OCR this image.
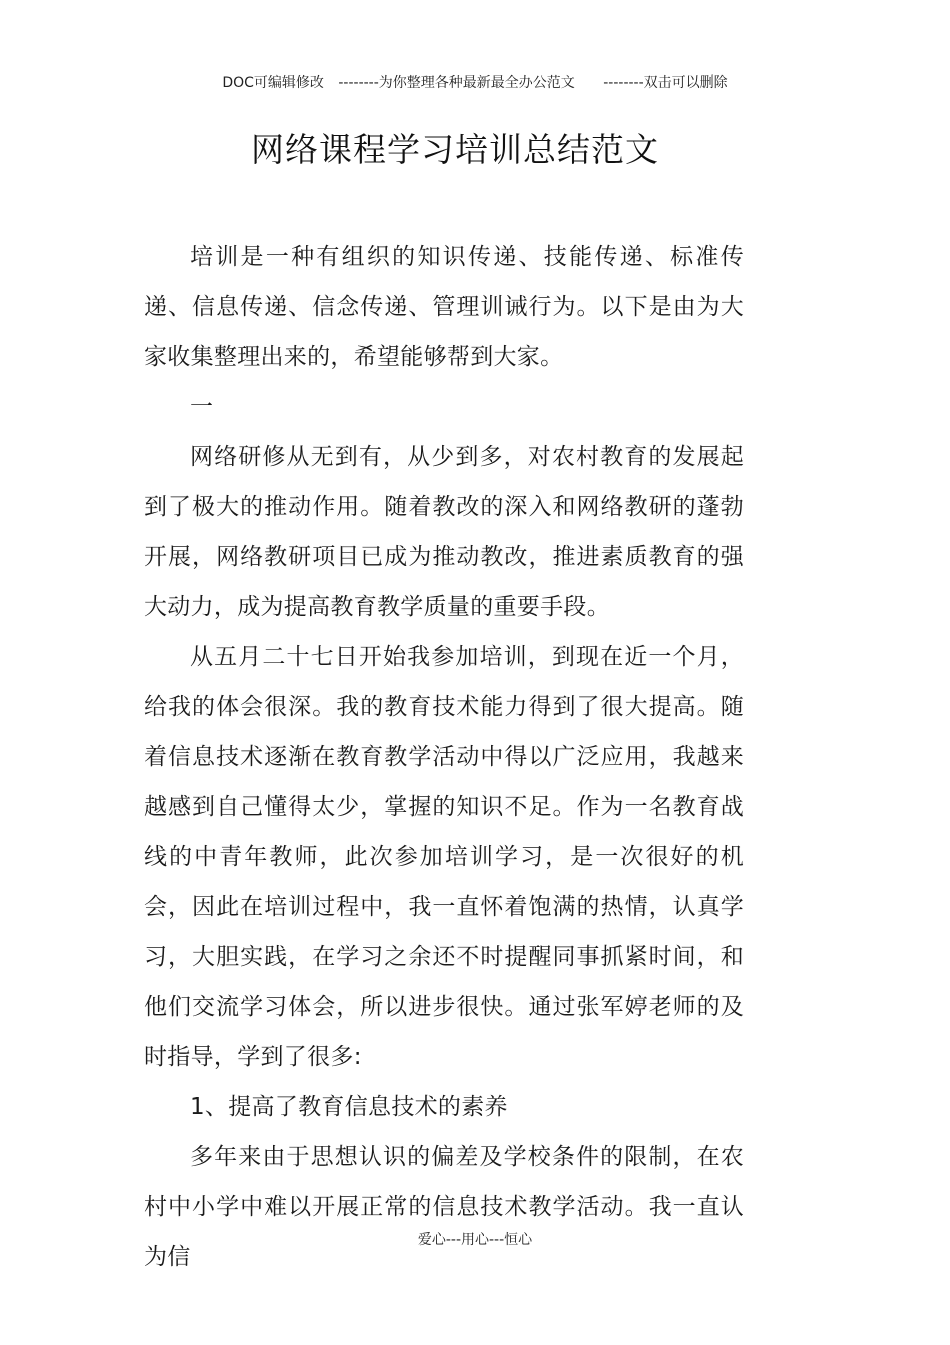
DOC可编辑修改 --------为你整理各种最新最全办公范文 --------双击可以删除
网络课程学习培训总结范文

培训是一种有组织的知识传递、技能传递、标准传递、信息传递、信念传递、管理训诫行为。以下是由为大家收集整理出来的，希望能够帮到大家。

一

网络研修从无到有，从少到多，对农村教育的发展起到了极大的推动作用。随着教改的深入和网络教研的蓬勃开展，网络教研项目已成为推动教改，推进素质教育的强大动力，成为提高教育教学质量的重要手段。

从五月二十七日开始我参加培训，到现在近一个月，给我的体会很深。我的教育技术能力得到了很大提高。随着信息技术逐渐在教育教学活动中得以广泛应用，我越来越感到自己懂得太少，掌握的知识不足。作为一名教育战线的中青年教师，此次参加培训学习，是一次很好的机会，因此在培训过程中，我一直怀着饱满的热情，认真学习，大胆实践，在学习之余还不时提醒同事抓紧时间，和他们交流学习体会，所以进步很快。通过张军婷老师的及时指导，学到了很多:

1、提高了教育信息技术的素养

多年来由于思想认识的偏差及学校条件的限制，在农村中小学中难以开展正常的信息技术教学活动。我一直认为信

爱心---用心---恒心
